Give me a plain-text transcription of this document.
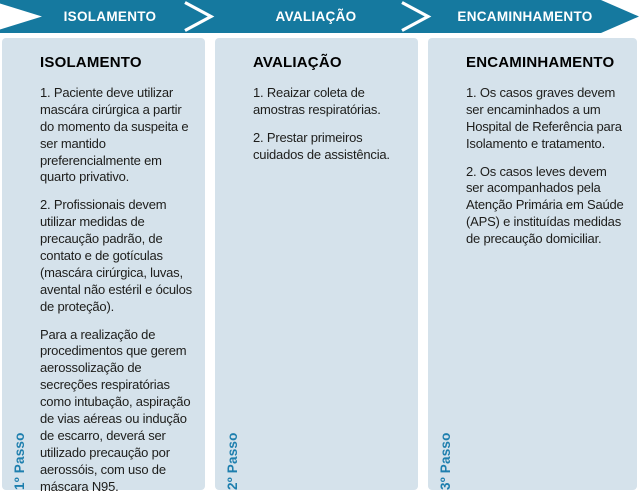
ISOLAMENTO	AVALIAÇÃO	ENCAMINHAMENTO
1º Passo
ISOLAMENTO

1. Paciente deve utilizar mascára cirúrgica a partir do momento da suspeita e ser mantido preferencialmente em quarto privativo.

2. Profissionais devem utilizar medidas de precaução padrão, de contato e de gotículas (mascára cirúrgica, luvas, avental não estéril e óculos de proteção).

Para a realização de procedimentos que gerem aerossolização de secreções respiratórias como intubação, aspiração de vias aéreas ou indução de escarro, deverá ser utilizado precaução por aerossóis, com uso de máscara N95.	2º Passo
AVALIAÇÃO

1. Reaizar coleta de amostras respiratórias.

2. Prestar primeiros cuidados de assistência.

3º Passo
ENCAMINHAMENTO

1. Os casos graves devem ser encaminhados a um Hospital de Referência para Isolamento e tratamento.

2. Os casos leves devem ser acompanhados pela Atenção Primária em Saúde (APS) e instituídas medidas de precaução domiciliar.
